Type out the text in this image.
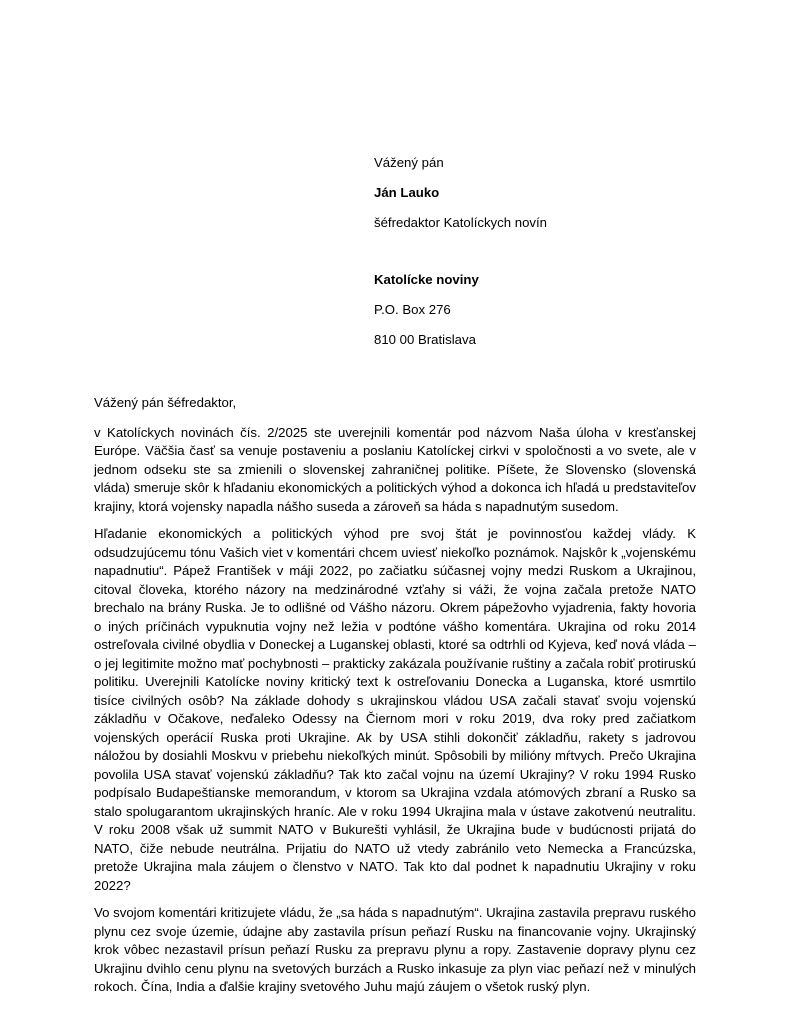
Vážený pán

Ján Lauko

šéfredaktor Katolíckych novín

Katolícke noviny

P.O. Box 276

810 00 Bratislava

Vážený pán šéfredaktor,

v Katolíckych novinách čís. 2/2025 ste uverejnili komentár pod názvom Naša úloha v kresťanskej Európe. Väčšia časť sa venuje postaveniu a poslaniu Katolíckej cirkvi v spoločnosti a vo svete, ale v jednom odseku ste sa zmienili o slovenskej zahraničnej politike. Píšete, že Slovensko (slovenská vláda) smeruje skôr k hľadaniu ekonomických a politických výhod a dokonca ich hľadá u predstaviteľov krajiny, ktorá vojensky napadla nášho suseda a zároveň sa háda s napadnutým susedom.

Hľadanie ekonomických a politických výhod pre svoj štát je povinnosťou každej vlády. K odsudzujúcemu tónu Vašich viet v komentári chcem uviesť niekoľko poznámok. Najskôr k „vojenskému napadnutiu“. Pápež František v máji 2022, po začiatku súčasnej vojny medzi Ruskom a Ukrajinou, citoval človeka, ktorého názory na medzinárodné vzťahy si váži, že vojna začala pretože NATO brechalo na brány Ruska. Je to odlišné od Vášho názoru. Okrem pápežovho vyjadrenia, fakty hovoria o iných príčinách vypuknutia vojny než ležia v podtóne vášho komentára. Ukrajina od roku 2014 ostreľovala civilné obydlia v Doneckej a Luganskej oblasti, ktoré sa odtrhli od Kyjeva, keď nová vláda – o jej legitimite možno mať pochybnosti – prakticky zakázala používanie ruštiny a začala robiť protiruskú politiku. Uverejnili Katolícke noviny kritický text k ostreľovaniu Donecka a Luganska, ktoré usmrtilo tisíce civilných osôb? Na základe dohody s ukrajinskou vládou USA začali stavať svoju vojenskú základňu v Očakove, neďaleko Odessy na Čiernom mori v roku 2019, dva roky pred začiatkom vojenských operácií Ruska proti Ukrajine. Ak by USA stihli dokončiť základňu, rakety s jadrovou náložou by dosiahli Moskvu v priebehu niekoľkých minút. Spôsobili by milióny mŕtvych. Prečo Ukrajina povolila USA stavať vojenskú základňu? Tak kto začal vojnu na území Ukrajiny? V roku 1994 Rusko podpísalo Budapeštianske memorandum, v ktorom sa Ukrajina vzdala atómových zbraní a Rusko sa stalo spolugarantom ukrajinských hraníc. Ale v roku 1994 Ukrajina mala v ústave zakotvenú neutralitu. V roku 2008 však už summit NATO v Bukurešti vyhlásil, že Ukrajina bude v budúcnosti prijatá do NATO, čiže nebude neutrálna. Prijatiu do NATO už vtedy zabránilo veto Nemecka a Francúzska, pretože Ukrajina mala záujem o členstvo v NATO. Tak kto dal podnet k napadnutiu Ukrajiny v roku 2022?

Vo svojom komentári kritizujete vládu, že „sa háda s napadnutým“. Ukrajina zastavila prepravu ruského plynu cez svoje územie, údajne aby zastavila prísun peňazí Rusku na financovanie vojny. Ukrajinský krok vôbec nezastavil prísun peňazí Rusku za prepravu plynu a ropy. Zastavenie dopravy plynu cez Ukrajinu dvihlo cenu plynu na svetových burzách a Rusko inkasuje za plyn viac peňazí než v minulých rokoch. Čína, India a ďalšie krajiny svetového Juhu majú záujem o všetok ruský plyn.
